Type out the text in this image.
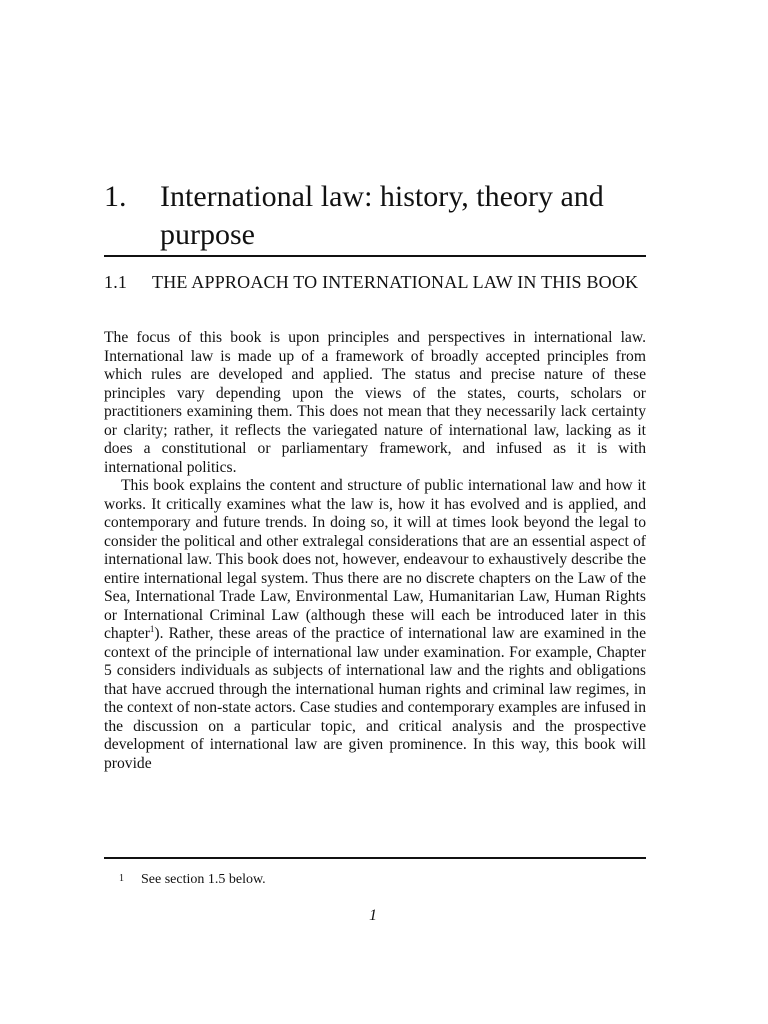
1.	International law: history, theory and purpose
1.1	THE APPROACH TO INTERNATIONAL LAW IN THIS BOOK

The focus of this book is upon principles and perspectives in international law. International law is made up of a framework of broadly accepted principles from which rules are developed and applied. The status and precise nature of these principles vary depending upon the views of the states, courts, scholars or practitioners examining them. This does not mean that they necessarily lack certainty or clarity; rather, it reflects the variegated nature of international law, lacking as it does a constitutional or parliamentary framework, and infused as it is with international politics.

This book explains the content and structure of public international law and how it works. It critically examines what the law is, how it has evolved and is applied, and contemporary and future trends. In doing so, it will at times look beyond the legal to consider the political and other extralegal considerations that are an essential aspect of international law. This book does not, however, endeavour to exhaustively describe the entire international legal system. Thus there are no discrete chapters on the Law of the Sea, International Trade Law, Environmental Law, Humanitarian Law, Human Rights or International Criminal Law (although these will each be introduced later in this chapter$^1$). Rather, these areas of the practice of international law are examined in the context of the principle of international law under examination. For example, Chapter 5 considers individuals as subjects of international law and the rights and obligations that have accrued through the international human rights and criminal law regimes, in the context of non-state actors. Case studies and contemporary examples are infused in the discussion on a particular topic, and critical analysis and the prospective development of international law are given prominence. In this way, this book will provide

1	See section 1.5 below.
1
